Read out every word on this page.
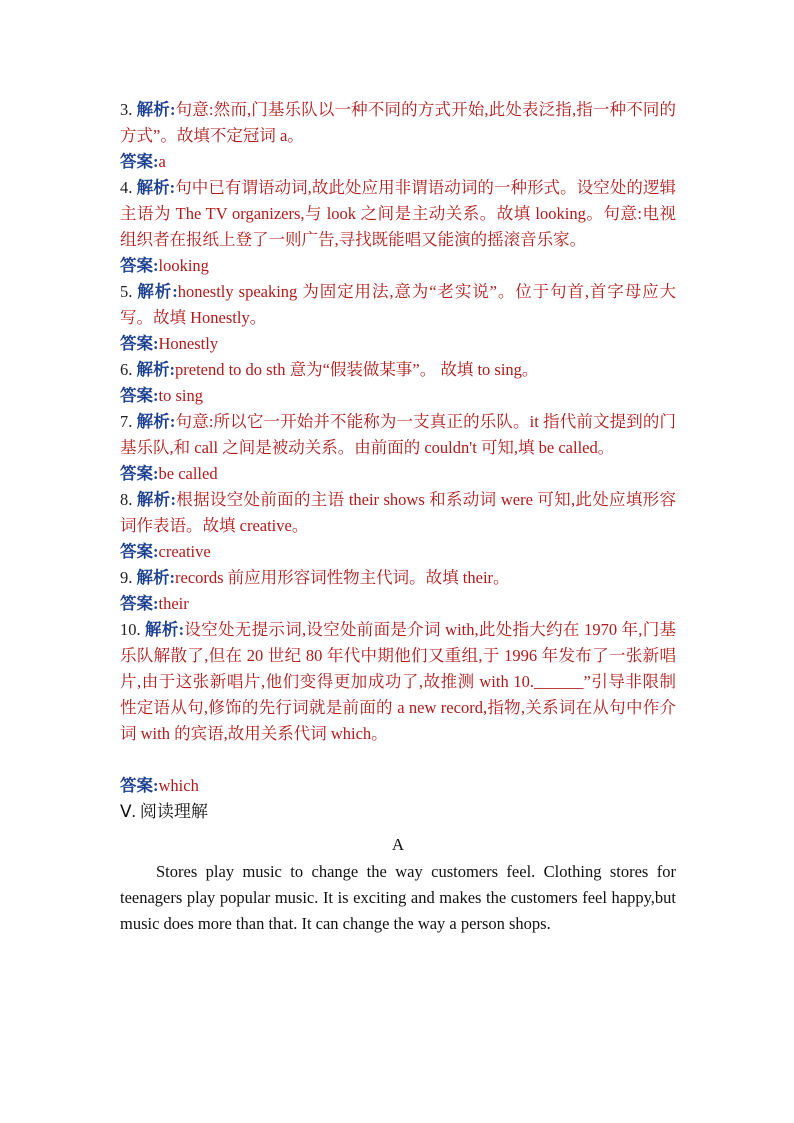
3. 解析:句意:然而,门基乐队以一种不同的方式开始,此处表泛指,指一种不同的方式”。故填不定冠词 a。
答案:a
4. 解析:句中已有谓语动词,故此处应用非谓语动词的一种形式。设空处的逻辑主语为 The TV organizers,与 look 之间是主动关系。故填 looking。句意:电视组织者在报纸上登了一则广告,寻找既能唱又能演的摇滚音乐家。
答案:looking
5. 解析:honestly speaking 为固定用法,意为“老实说”。位于句首,首字母应大写。故填 Honestly。
答案:Honestly
6. 解析:pretend to do sth 意为“假装做某事”。 故填 to sing。
答案:to sing
7. 解析:句意:所以它一开始并不能称为一支真正的乐队。it 指代前文提到的门基乐队,和 call 之间是被动关系。由前面的 couldn't 可知,填 be called。
答案:be called
8. 解析:根据设空处前面的主语 their shows 和系动词 were 可知,此处应填形容词作表语。故填 creative。
答案:creative
9. 解析:records 前应用形容词性物主代词。故填 their。
答案:their
10. 解析:设空处无提示词,设空处前面是介词 with,此处指大约在 1970 年,门基乐队解散了,但在 20 世纪 80 年代中期他们又重组,于 1996 年发布了一张新唱片,由于这张新唱片,他们变得更加成功了,故推测 with 10.______”引导非限制性定语从句,修饰的先行词就是前面的 a new record,指物,关系词在从句中作介词 with 的宾语,故用关系代词 which。
答案:which
Ⅴ. 阅读理解
A
Stores play music to change the way customers feel. Clothing stores for teenagers play popular music. It is exciting and makes the customers feel happy,but music does more than that. It can change the way a person shops.
